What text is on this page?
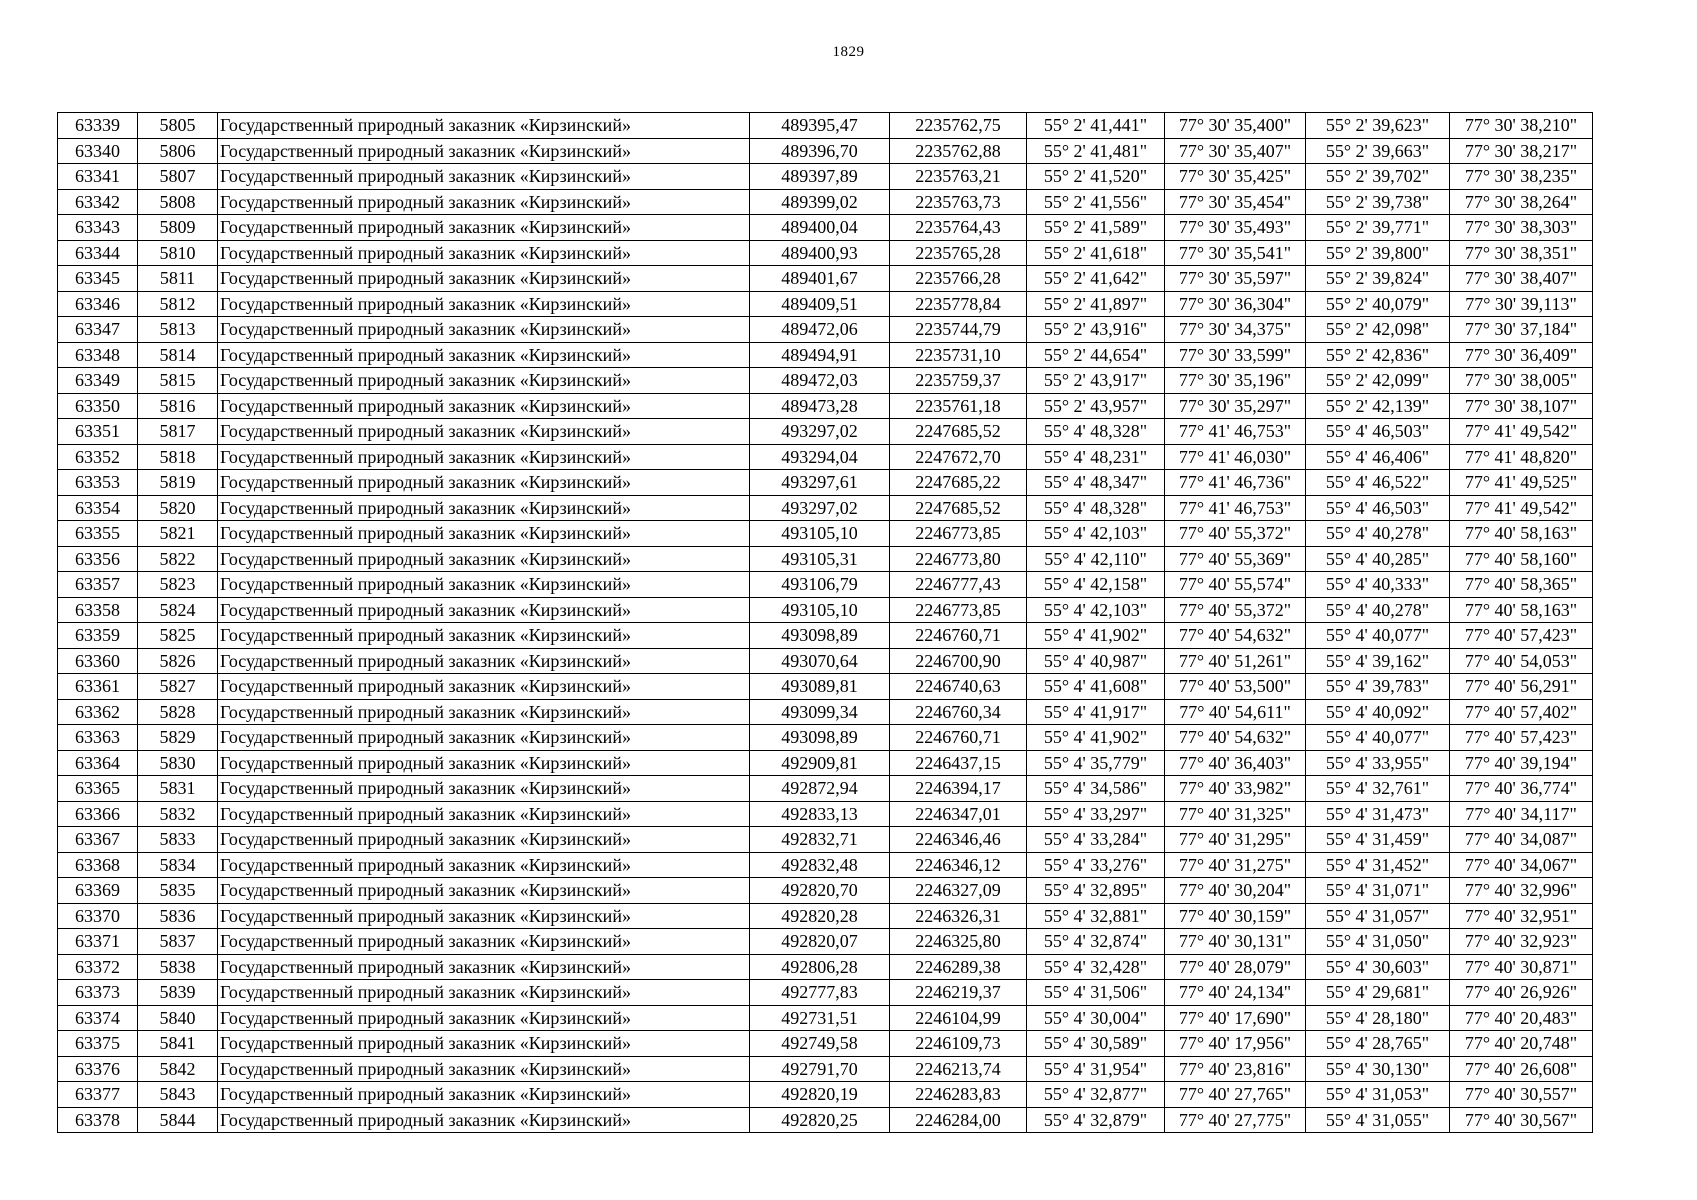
1829
63339	5805	Государственный природный заказник «Кирзинский»	489395,47	2235762,75	55° 2' 41,441"	77° 30' 35,400"	55° 2' 39,623"	77° 30' 38,210"
63340	5806	Государственный природный заказник «Кирзинский»	489396,70	2235762,88	55° 2' 41,481"	77° 30' 35,407"	55° 2' 39,663"	77° 30' 38,217"
63341	5807	Государственный природный заказник «Кирзинский»	489397,89	2235763,21	55° 2' 41,520"	77° 30' 35,425"	55° 2' 39,702"	77° 30' 38,235"
63342	5808	Государственный природный заказник «Кирзинский»	489399,02	2235763,73	55° 2' 41,556"	77° 30' 35,454"	55° 2' 39,738"	77° 30' 38,264"
63343	5809	Государственный природный заказник «Кирзинский»	489400,04	2235764,43	55° 2' 41,589"	77° 30' 35,493"	55° 2' 39,771"	77° 30' 38,303"
63344	5810	Государственный природный заказник «Кирзинский»	489400,93	2235765,28	55° 2' 41,618"	77° 30' 35,541"	55° 2' 39,800"	77° 30' 38,351"
63345	5811	Государственный природный заказник «Кирзинский»	489401,67	2235766,28	55° 2' 41,642"	77° 30' 35,597"	55° 2' 39,824"	77° 30' 38,407"
63346	5812	Государственный природный заказник «Кирзинский»	489409,51	2235778,84	55° 2' 41,897"	77° 30' 36,304"	55° 2' 40,079"	77° 30' 39,113"
63347	5813	Государственный природный заказник «Кирзинский»	489472,06	2235744,79	55° 2' 43,916"	77° 30' 34,375"	55° 2' 42,098"	77° 30' 37,184"
63348	5814	Государственный природный заказник «Кирзинский»	489494,91	2235731,10	55° 2' 44,654"	77° 30' 33,599"	55° 2' 42,836"	77° 30' 36,409"
63349	5815	Государственный природный заказник «Кирзинский»	489472,03	2235759,37	55° 2' 43,917"	77° 30' 35,196"	55° 2' 42,099"	77° 30' 38,005"
63350	5816	Государственный природный заказник «Кирзинский»	489473,28	2235761,18	55° 2' 43,957"	77° 30' 35,297"	55° 2' 42,139"	77° 30' 38,107"
63351	5817	Государственный природный заказник «Кирзинский»	493297,02	2247685,52	55° 4' 48,328"	77° 41' 46,753"	55° 4' 46,503"	77° 41' 49,542"
63352	5818	Государственный природный заказник «Кирзинский»	493294,04	2247672,70	55° 4' 48,231"	77° 41' 46,030"	55° 4' 46,406"	77° 41' 48,820"
63353	5819	Государственный природный заказник «Кирзинский»	493297,61	2247685,22	55° 4' 48,347"	77° 41' 46,736"	55° 4' 46,522"	77° 41' 49,525"
63354	5820	Государственный природный заказник «Кирзинский»	493297,02	2247685,52	55° 4' 48,328"	77° 41' 46,753"	55° 4' 46,503"	77° 41' 49,542"
63355	5821	Государственный природный заказник «Кирзинский»	493105,10	2246773,85	55° 4' 42,103"	77° 40' 55,372"	55° 4' 40,278"	77° 40' 58,163"
63356	5822	Государственный природный заказник «Кирзинский»	493105,31	2246773,80	55° 4' 42,110"	77° 40' 55,369"	55° 4' 40,285"	77° 40' 58,160"
63357	5823	Государственный природный заказник «Кирзинский»	493106,79	2246777,43	55° 4' 42,158"	77° 40' 55,574"	55° 4' 40,333"	77° 40' 58,365"
63358	5824	Государственный природный заказник «Кирзинский»	493105,10	2246773,85	55° 4' 42,103"	77° 40' 55,372"	55° 4' 40,278"	77° 40' 58,163"
63359	5825	Государственный природный заказник «Кирзинский»	493098,89	2246760,71	55° 4' 41,902"	77° 40' 54,632"	55° 4' 40,077"	77° 40' 57,423"
63360	5826	Государственный природный заказник «Кирзинский»	493070,64	2246700,90	55° 4' 40,987"	77° 40' 51,261"	55° 4' 39,162"	77° 40' 54,053"
63361	5827	Государственный природный заказник «Кирзинский»	493089,81	2246740,63	55° 4' 41,608"	77° 40' 53,500"	55° 4' 39,783"	77° 40' 56,291"
63362	5828	Государственный природный заказник «Кирзинский»	493099,34	2246760,34	55° 4' 41,917"	77° 40' 54,611"	55° 4' 40,092"	77° 40' 57,402"
63363	5829	Государственный природный заказник «Кирзинский»	493098,89	2246760,71	55° 4' 41,902"	77° 40' 54,632"	55° 4' 40,077"	77° 40' 57,423"
63364	5830	Государственный природный заказник «Кирзинский»	492909,81	2246437,15	55° 4' 35,779"	77° 40' 36,403"	55° 4' 33,955"	77° 40' 39,194"
63365	5831	Государственный природный заказник «Кирзинский»	492872,94	2246394,17	55° 4' 34,586"	77° 40' 33,982"	55° 4' 32,761"	77° 40' 36,774"
63366	5832	Государственный природный заказник «Кирзинский»	492833,13	2246347,01	55° 4' 33,297"	77° 40' 31,325"	55° 4' 31,473"	77° 40' 34,117"
63367	5833	Государственный природный заказник «Кирзинский»	492832,71	2246346,46	55° 4' 33,284"	77° 40' 31,295"	55° 4' 31,459"	77° 40' 34,087"
63368	5834	Государственный природный заказник «Кирзинский»	492832,48	2246346,12	55° 4' 33,276"	77° 40' 31,275"	55° 4' 31,452"	77° 40' 34,067"
63369	5835	Государственный природный заказник «Кирзинский»	492820,70	2246327,09	55° 4' 32,895"	77° 40' 30,204"	55° 4' 31,071"	77° 40' 32,996"
63370	5836	Государственный природный заказник «Кирзинский»	492820,28	2246326,31	55° 4' 32,881"	77° 40' 30,159"	55° 4' 31,057"	77° 40' 32,951"
63371	5837	Государственный природный заказник «Кирзинский»	492820,07	2246325,80	55° 4' 32,874"	77° 40' 30,131"	55° 4' 31,050"	77° 40' 32,923"
63372	5838	Государственный природный заказник «Кирзинский»	492806,28	2246289,38	55° 4' 32,428"	77° 40' 28,079"	55° 4' 30,603"	77° 40' 30,871"
63373	5839	Государственный природный заказник «Кирзинский»	492777,83	2246219,37	55° 4' 31,506"	77° 40' 24,134"	55° 4' 29,681"	77° 40' 26,926"
63374	5840	Государственный природный заказник «Кирзинский»	492731,51	2246104,99	55° 4' 30,004"	77° 40' 17,690"	55° 4' 28,180"	77° 40' 20,483"
63375	5841	Государственный природный заказник «Кирзинский»	492749,58	2246109,73	55° 4' 30,589"	77° 40' 17,956"	55° 4' 28,765"	77° 40' 20,748"
63376	5842	Государственный природный заказник «Кирзинский»	492791,70	2246213,74	55° 4' 31,954"	77° 40' 23,816"	55° 4' 30,130"	77° 40' 26,608"
63377	5843	Государственный природный заказник «Кирзинский»	492820,19	2246283,83	55° 4' 32,877"	77° 40' 27,765"	55° 4' 31,053"	77° 40' 30,557"
63378	5844	Государственный природный заказник «Кирзинский»	492820,25	2246284,00	55° 4' 32,879"	77° 40' 27,775"	55° 4' 31,055"	77° 40' 30,567"
